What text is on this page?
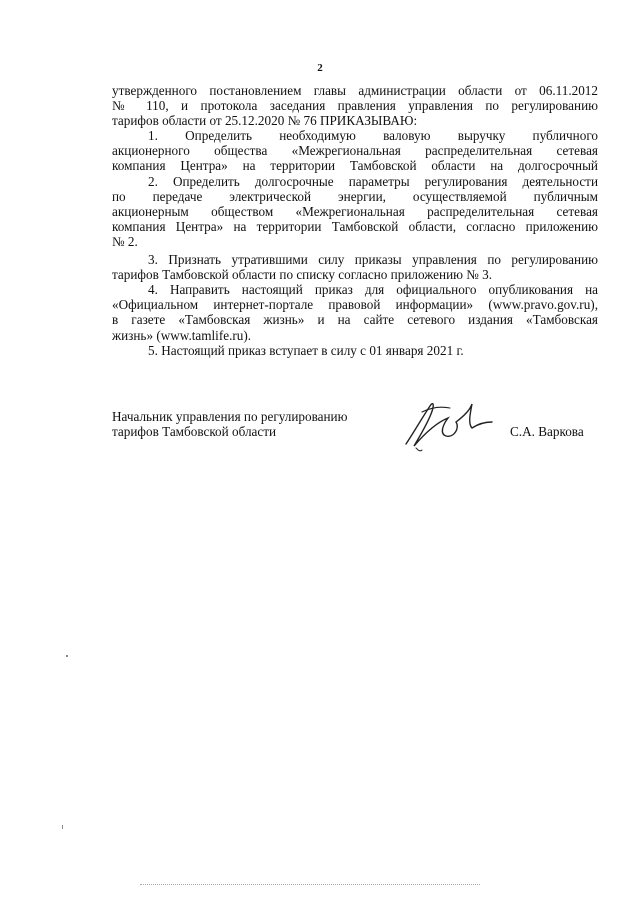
2
утвержденного постановлением главы администрации области от 06.11.2012
№ 110, и протокола заседания правления управления по регулированию
тарифов области от 25.12.2020 № 76 ПРИКАЗЫВАЮ:
1. Определить необходимую валовую выручку публичного
акционерного общества «Межрегиональная распределительная сетевая
компания Центра» на территории Тамбовской области на долгосрочный
2. Определить долгосрочные параметры регулирования деятельности
по передаче электрической энергии, осуществляемой публичным
акционерным обществом «Межрегиональная распределительная сетевая
компания Центра» на территории Тамбовской области, согласно приложению
№ 2.
3. Признать утратившими силу приказы управления по регулированию
тарифов Тамбовской области по списку согласно приложению № 3.
4. Направить настоящий приказ для официального опубликования на
«Официальном интернет-портале правовой информации» (www.pravo.gov.ru),
в газете «Тамбовская жизнь» и на сайте сетевого издания «Тамбовская
жизнь» (www.tamlife.ru).
5. Настоящий приказ вступает в силу с 01 января 2021 г.
Начальник управления по регулированию
тарифов Тамбовской области	С.А. Варкова
